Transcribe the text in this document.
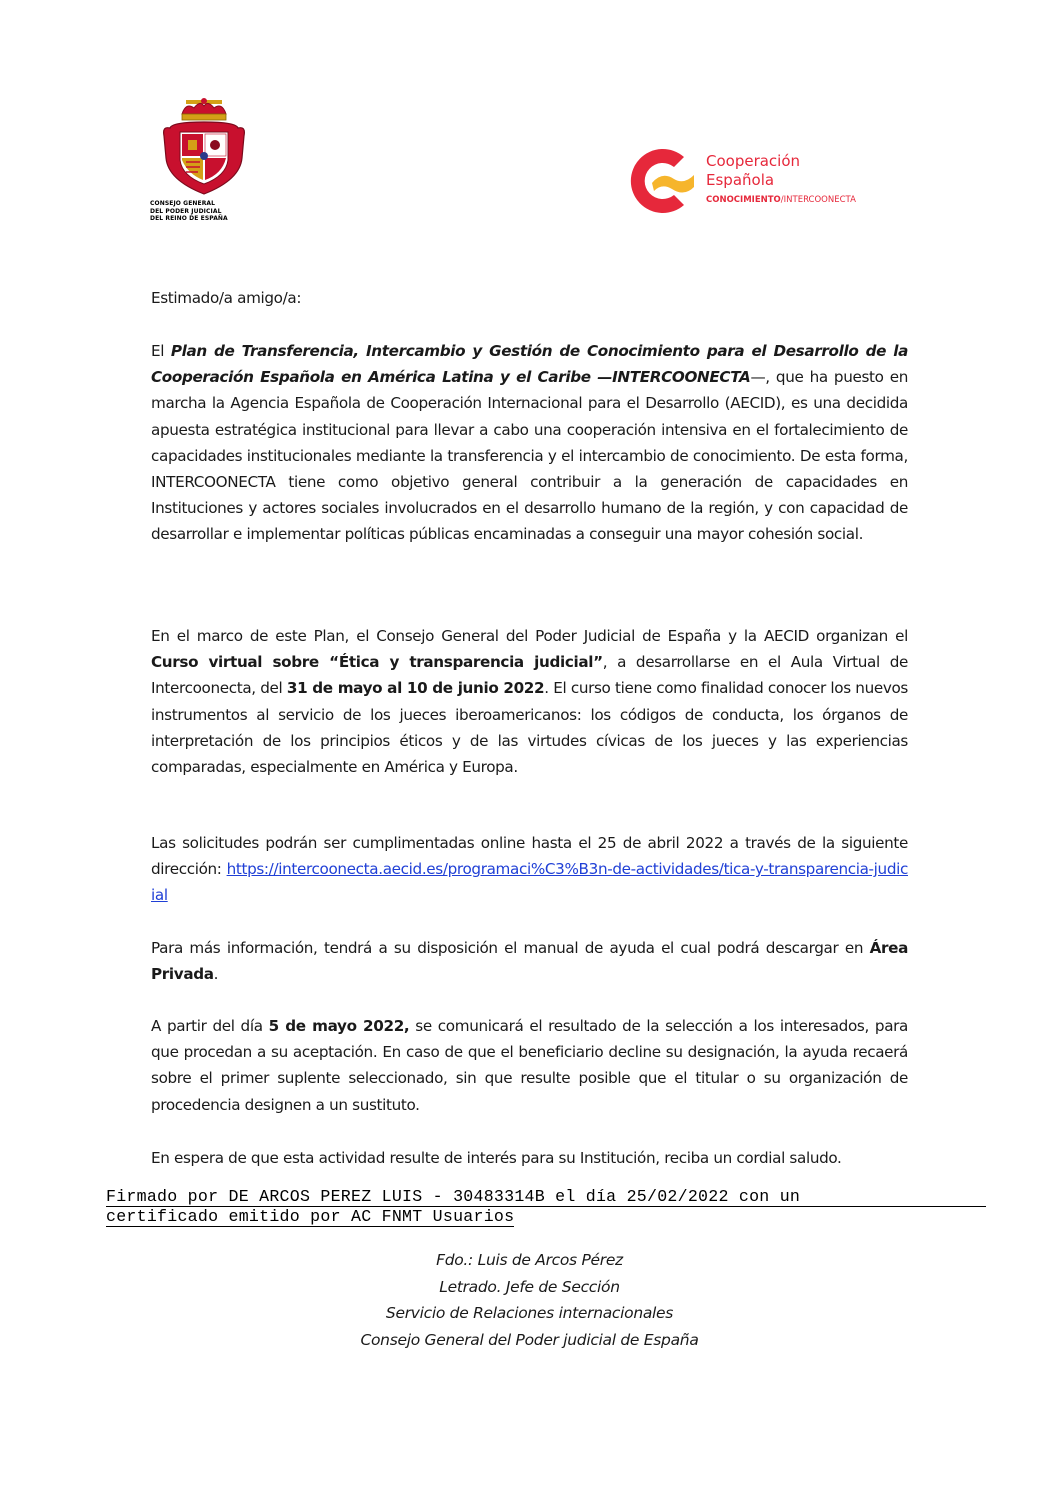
CONSEJO GENERAL
DEL PODER JUDICIAL
DEL REINO DE ESPAÑA
Cooperación
Española
CONOCIMIENTO/INTERCOONECTA
Estimado/a amigo/a:
El Plan de Transferencia, Intercambio y Gestión de Conocimiento para el Desarrollo de la Cooperación Española en América Latina y el Caribe —INTERCOONECTA—, que ha puesto en marcha la Agencia Española de Cooperación Internacional para el Desarrollo (AECID), es una decidida apuesta estratégica institucional para llevar a cabo una cooperación intensiva en el fortalecimiento de capacidades institucionales mediante la transferencia y el intercambio de conocimiento. De esta forma, INTERCOONECTA tiene como objetivo general contribuir a la generación de capacidades en Instituciones y actores sociales involucrados en el desarrollo humano de la región, y con capacidad de desarrollar e implementar políticas públicas encaminadas a conseguir una mayor cohesión social.
En el marco de este Plan, el Consejo General del Poder Judicial de España y la AECID organizan el Curso virtual sobre “Ética y transparencia judicial”, a desarrollarse en el Aula Virtual de Intercoonecta, del 31 de mayo al 10 de junio 2022. El curso tiene como finalidad conocer los nuevos instrumentos al servicio de los jueces iberoamericanos: los códigos de conducta, los órganos de interpretación de los principios éticos y de las virtudes cívicas de los jueces y las experiencias comparadas, especialmente en América y Europa.
Las solicitudes podrán ser cumplimentadas online hasta el 25 de abril 2022 a través de la siguiente dirección: https://intercoonecta.aecid.es/programaci%C3%B3n-de-actividades/tica-y-transparencia-judicial
Para más información, tendrá a su disposición el manual de ayuda el cual podrá descargar en Área Privada.
A partir del día 5 de mayo 2022, se comunicará el resultado de la selección a los interesados, para que procedan a su aceptación. En caso de que el beneficiario decline su designación, la ayuda recaerá sobre el primer suplente seleccionado, sin que resulte posible que el titular o su organización de procedencia designen a un sustituto.
En espera de que esta actividad resulte de interés para su Institución, reciba un cordial saludo.
Firmado por DE ARCOS PEREZ LUIS - 30483314B el día 25/02/2022 con un
certificado emitido por AC FNMT Usuarios
Fdo.: Luis de Arcos Pérez
Letrado. Jefe de Sección
Servicio de Relaciones internacionales
Consejo General del Poder judicial de España
